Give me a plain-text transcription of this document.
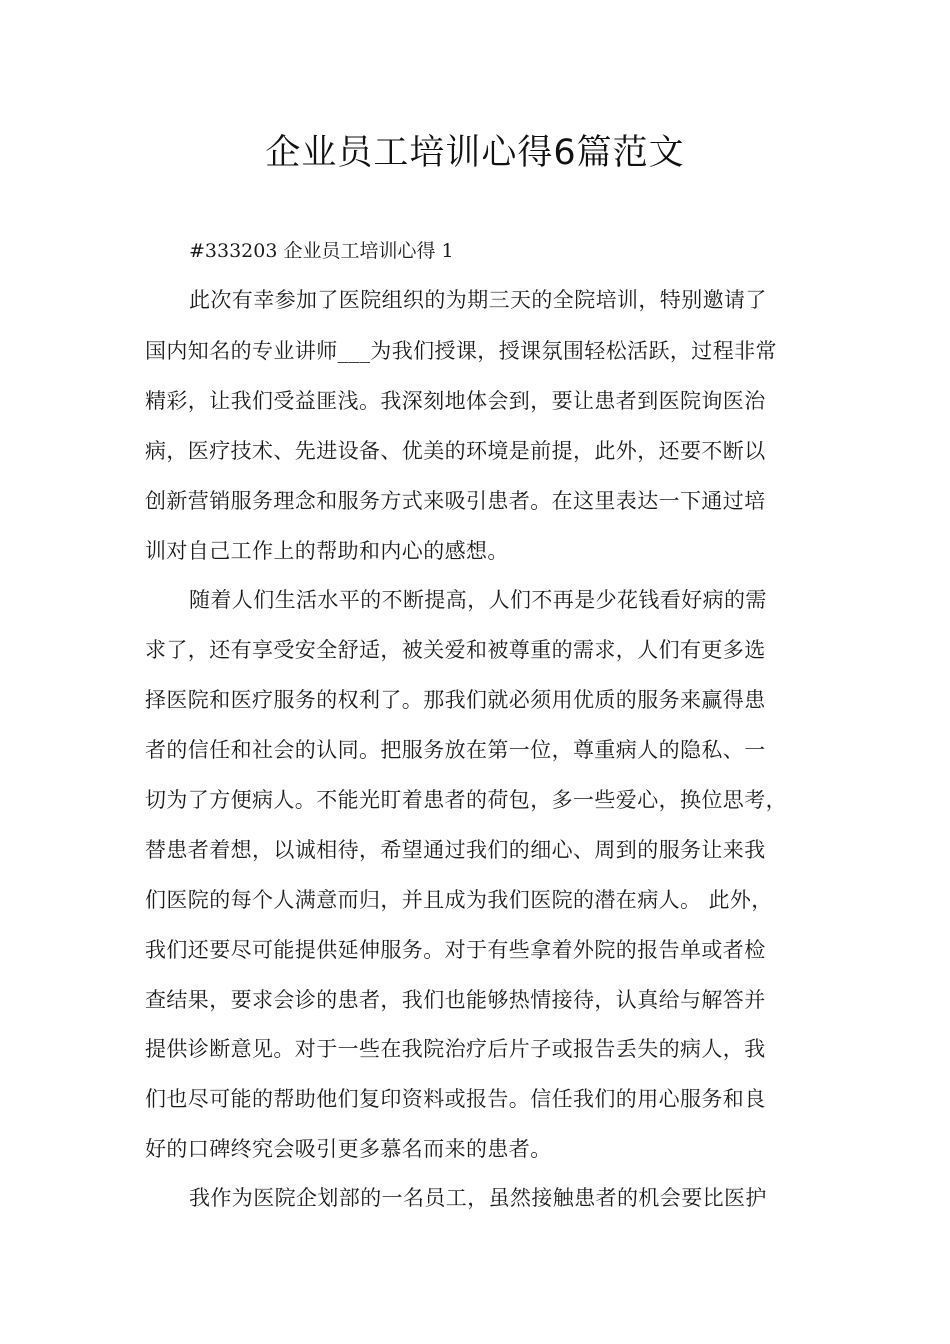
企业员工培训心得6篇范文
#333203 企业员工培训心得 1
此次有幸参加了医院组织的为期三天的全院培训，特别邀请了
国内知名的专业讲师___为我们授课，授课氛围轻松活跃，过程非常
精彩，让我们受益匪浅。我深刻地体会到，要让患者到医院询医治
病，医疗技术、先进设备、优美的环境是前提，此外，还要不断以
创新营销服务理念和服务方式来吸引患者。在这里表达一下通过培
训对自己工作上的帮助和内心的感想。
随着人们生活水平的不断提高，人们不再是少花钱看好病的需
求了，还有享受安全舒适，被关爱和被尊重的需求，人们有更多选
择医院和医疗服务的权利了。那我们就必须用优质的服务来赢得患
者的信任和社会的认同。把服务放在第一位，尊重病人的隐私、一
切为了方便病人。不能光盯着患者的荷包，多一些爱心，换位思考，
替患者着想，以诚相待，希望通过我们的细心、周到的服务让来我
们医院的每个人满意而归，并且成为我们医院的潜在病人。 此外，
我们还要尽可能提供延伸服务。对于有些拿着外院的报告单或者检
查结果，要求会诊的患者，我们也能够热情接待，认真给与解答并
提供诊断意见。对于一些在我院治疗后片子或报告丢失的病人，我
们也尽可能的帮助他们复印资料或报告。信任我们的用心服务和良
好的口碑终究会吸引更多慕名而来的患者。
我作为医院企划部的一名员工，虽然接触患者的机会要比医护
